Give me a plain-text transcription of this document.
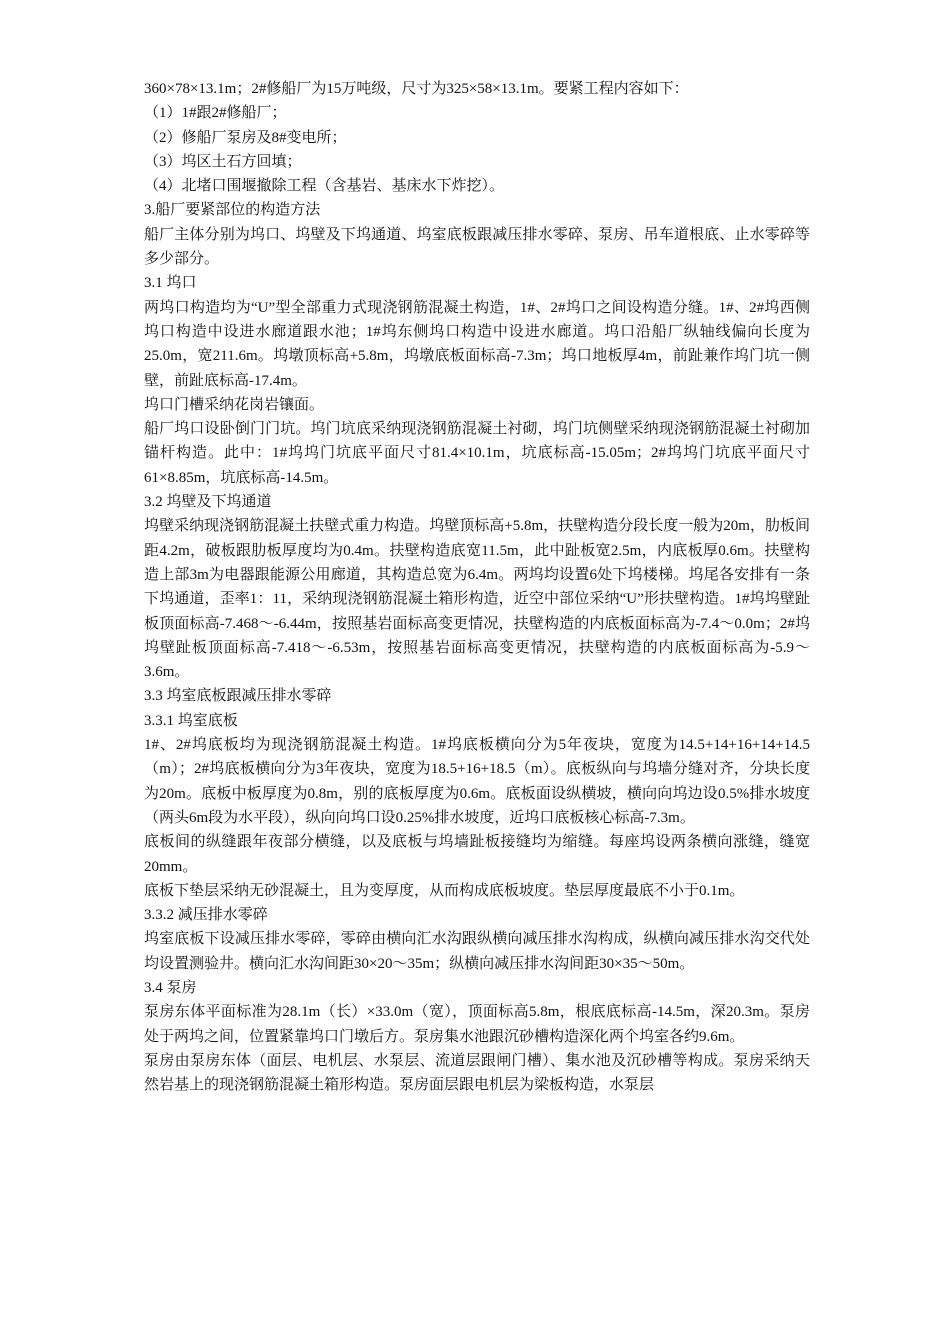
360×78×13.1m；2#修船厂为15万吨级，尺寸为325×58×13.1m。要紧工程内容如下：

（1）1#跟2#修船厂；

（2）修船厂泵房及8#变电所；

（3）坞区土石方回填；

（4）北堵口围堰撤除工程（含基岩、基床水下炸挖）。

3.船厂要紧部位的构造方法

船厂主体分别为坞口、坞壁及下坞通道、坞室底板跟减压排水零碎、泵房、吊车道根底、止水零碎等多少部分。

3.1 坞口

两坞口构造均为“U”型全部重力式现浇钢筋混凝土构造，1#、2#坞口之间设构造分缝。1#、2#坞西侧坞口构造中设进水廊道跟水池；1#坞东侧坞口构造中设进水廊道。坞口沿船厂纵轴线偏向长度为25.0m，宽211.6m。坞墩顶标高+5.8m，坞墩底板面标高-7.3m；坞口地板厚4m，前趾兼作坞门坑一侧壁，前趾底标高-17.4m。

坞口门槽采纳花岗岩镶面。

船厂坞口设卧倒门门坑。坞门坑底采纳现浇钢筋混凝土衬砌，坞门坑侧壁采纳现浇钢筋混凝土衬砌加锚杆构造。此中：1#坞坞门坑底平面尺寸81.4×10.1m，坑底标高-15.05m；2#坞坞门坑底平面尺寸61×8.85m，坑底标高-14.5m。

3.2 坞壁及下坞通道

坞壁采纳现浇钢筋混凝土扶壁式重力构造。坞壁顶标高+5.8m，扶壁构造分段长度一般为20m，肋板间距4.2m，破板跟肋板厚度均为0.4m。扶壁构造底宽11.5m，此中趾板宽2.5m，内底板厚0.6m。扶壁构造上部3m为电器跟能源公用廊道，其构造总宽为6.4m。两坞均设置6处下坞楼梯。坞尾各安排有一条下坞通道，歪率1：11，采纳现浇钢筋混凝土箱形构造，近空中部位采纳“U”形扶壁构造。1#坞坞壁趾板顶面标高-7.468～-6.44m，按照基岩面标高变更情况，扶壁构造的内底板面标高为-7.4～0.0m；2#坞坞壁趾板顶面标高-7.418～-6.53m，按照基岩面标高变更情况，扶壁构造的内底板面标高为-5.9～3.6m。

3.3 坞室底板跟减压排水零碎

3.3.1 坞室底板

1#、2#坞底板均为现浇钢筋混凝土构造。1#坞底板横向分为5年夜块，宽度为14.5+14+16+14+14.5（m）；2#坞底板横向分为3年夜块，宽度为18.5+16+18.5（m）。底板纵向与坞墙分缝对齐，分块长度为20m。底板中板厚度为0.8m，别的底板厚度为0.6m。底板面设纵横坡，横向向坞边设0.5%排水坡度（两头6m段为水平段），纵向向坞口设0.25%排水坡度，近坞口底板核心标高-7.3m。

底板间的纵缝跟年夜部分横缝，以及底板与坞墙趾板接缝均为缩缝。每座坞设两条横向涨缝，缝宽20mm。

底板下垫层采纳无砂混凝土，且为变厚度，从而构成底板坡度。垫层厚度最底不小于0.1m。

3.3.2 减压排水零碎

坞室底板下设减压排水零碎，零碎由横向汇水沟跟纵横向减压排水沟构成，纵横向减压排水沟交代处均设置测验井。横向汇水沟间距30×20～35m；纵横向减压排水沟间距30×35～50m。

3.4 泵房

泵房东体平面标准为28.1m（长）×33.0m（宽），顶面标高5.8m，根底底标高-14.5m，深20.3m。泵房处于两坞之间，位置紧靠坞口门墩后方。泵房集水池跟沉砂槽构造深化两个坞室各约9.6m。

泵房由泵房东体（面层、电机层、水泵层、流道层跟闸门槽）、集水池及沉砂槽等构成。泵房采纳天然岩基上的现浇钢筋混凝土箱形构造。泵房面层跟电机层为梁板构造，水泵层
